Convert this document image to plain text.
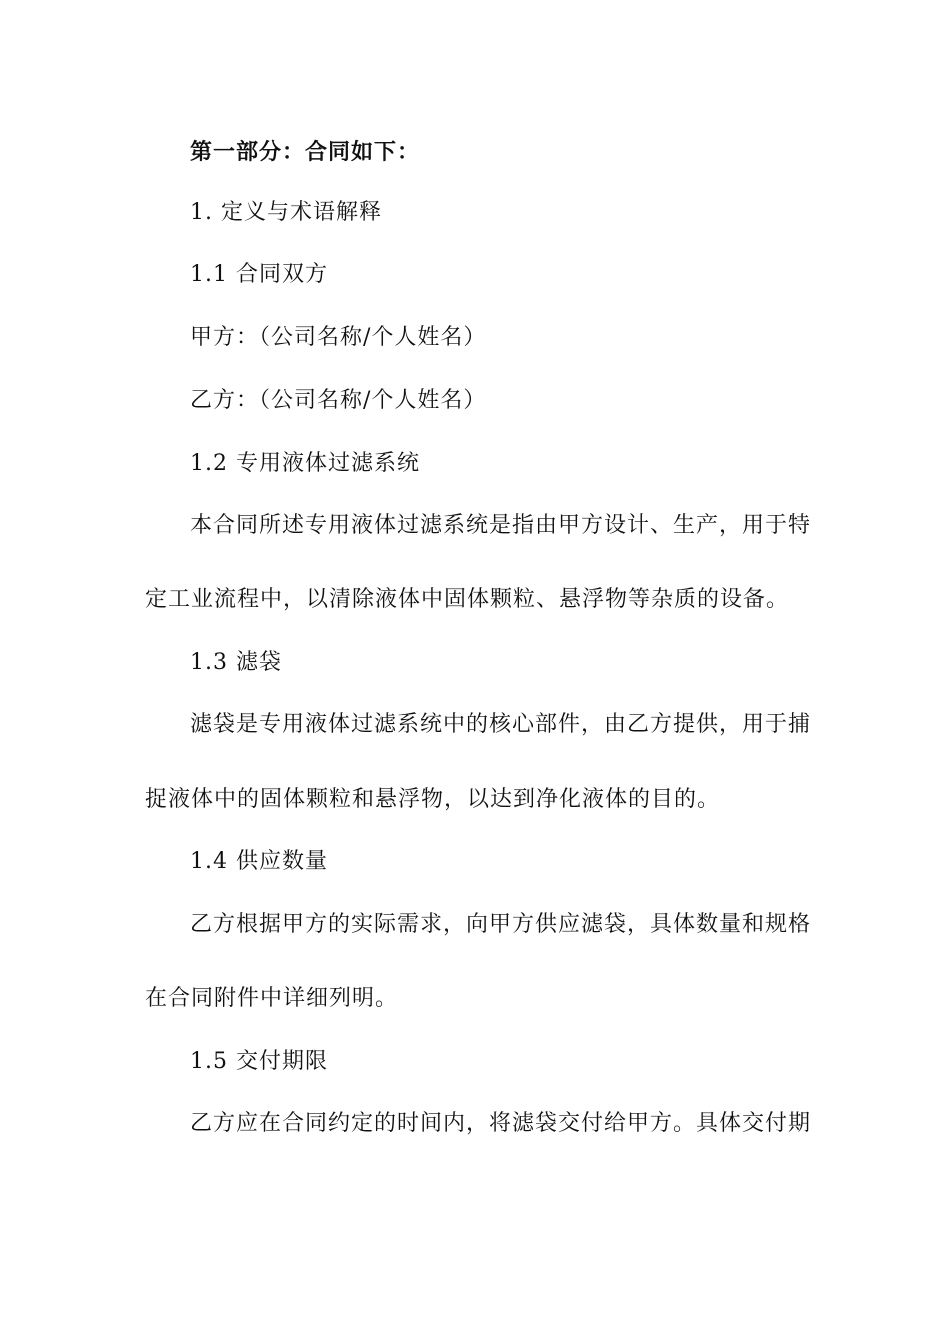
第一部分：合同如下：
1. 定义与术语解释
1.1 合同双方
甲方：（公司名称/个人姓名）
乙方：（公司名称/个人姓名）
1.2 专用液体过滤系统
本合同所述专用液体过滤系统是指由甲方设计、生产，用于特
定工业流程中，以清除液体中固体颗粒、悬浮物等杂质的设备。
1.3 滤袋
滤袋是专用液体过滤系统中的核心部件，由乙方提供，用于捕
捉液体中的固体颗粒和悬浮物，以达到净化液体的目的。
1.4 供应数量
乙方根据甲方的实际需求，向甲方供应滤袋，具体数量和规格
在合同附件中详细列明。
1.5 交付期限
乙方应在合同约定的时间内，将滤袋交付给甲方。具体交付期
